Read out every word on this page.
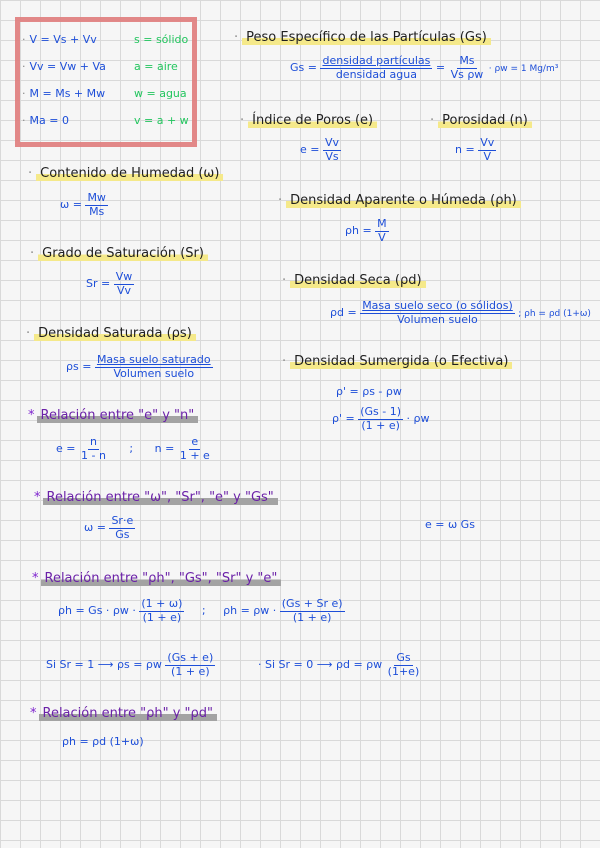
· V = Vs + Vv	s = sólido
· Vv = Vw + Va	a = aire
· M = Ms + Mw	w = agua
· Ma = 0	v = a + w
· Peso Específico de las Partículas (Gs)
$Gs = \frac{\text{densidad partículas}}{\text{densidad agua}} = \frac{Ms}{\text{Vs ρw}} \cdot \rho w = 1$ Mg/m³
· Índice de Poros (e)
$e = \frac{Vv}{Vs}$
· Porosidad (n)
$n = \frac{Vv}{V}$
· Contenido de Humedad (ω)
$\omega = \frac{Mw}{Ms}$	· Densidad Aparente o Húmeda (ρh)
$\rho h = \frac{M}{V}$
· Grado de Saturación (Sr)
$Sr = \frac{Vw}{Vv}$	· Densidad Seca (ρd)
$\rho d = \frac{\text{Masa suelo seco (o sólidos)}}{\text{Volumen suelo}}$ ; ρh = ρd (1+ω)
· Densidad Saturada (ρs)
$\rho s = \frac{\text{Masa suelo saturado}}{\text{Volumen suelo}}$	· Densidad Sumergida (o Efectiva)
ρ' = ρs - ρw
$\rho' = \frac{(Gs - 1)}{(1 + e)} \cdot \rho w$
* Relación entre "e" y "n"
$e = \frac{n}{1 - n}$ ; $n = \frac{e}{1 + e}$
* Relación entre "ω", "Sr", "e" y "Gs"
$\omega = \frac{Sr\cdot e}{Gs}$	e = ω Gs
* Relación entre "ρh", "Gs", "Sr" y "e"
$\rho h = Gs \cdot \rho w \cdot \frac{(1 + \omega)}{(1 + e)}$ ; $\rho h = \rho w \cdot \frac{\text{(Gs + Sr e)}}{(1 + e)}$
Si Sr = 1 ⟶ ρs = ρw $\frac{(Gs + e)}{(1 + e)}$	· Si Sr = 0 ⟶ ρd = ρw $\frac{Gs}{(1+e)}$
* Relación entre "ρh" y "ρd"
ρh = ρd (1+ω)
